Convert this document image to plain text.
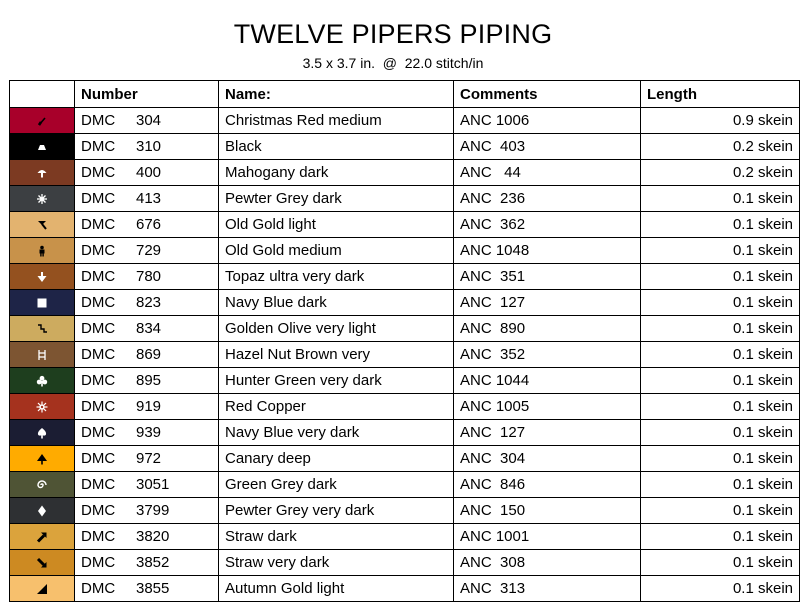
TWELVE PIPERS PIPING
3.5 x 3.7 in.  @  22.0 stitch/in
	Number	Name:	Comments	Length

	DMC 304	Christmas Red medium	ANC 1006	0.9 skein

	DMC 310	Black	ANC  403	0.2 skein

	DMC 400	Mahogany dark	ANC   44	0.2 skein

	DMC 413	Pewter Grey dark	ANC  236	0.1 skein

	DMC 676	Old Gold light	ANC  362	0.1 skein

	DMC 729	Old Gold medium	ANC 1048	0.1 skein

	DMC 780	Topaz ultra very dark	ANC  351	0.1 skein

	DMC 823	Navy Blue dark	ANC  127	0.1 skein

	DMC 834	Golden Olive very light	ANC  890	0.1 skein

	DMC 869	Hazel Nut Brown very	ANC  352	0.1 skein

	DMC 895	Hunter Green very dark	ANC 1044	0.1 skein

	DMC 919	Red Copper	ANC 1005	0.1 skein

	DMC 939	Navy Blue very dark	ANC  127	0.1 skein

	DMC 972	Canary deep	ANC  304	0.1 skein

	DMC 3051	Green Grey dark	ANC  846	0.1 skein

	DMC 3799	Pewter Grey very dark	ANC  150	0.1 skein

	DMC 3820	Straw dark	ANC 1001	0.1 skein

	DMC 3852	Straw very dark	ANC  308	0.1 skein

	DMC 3855	Autumn Gold light	ANC  313	0.1 skein
